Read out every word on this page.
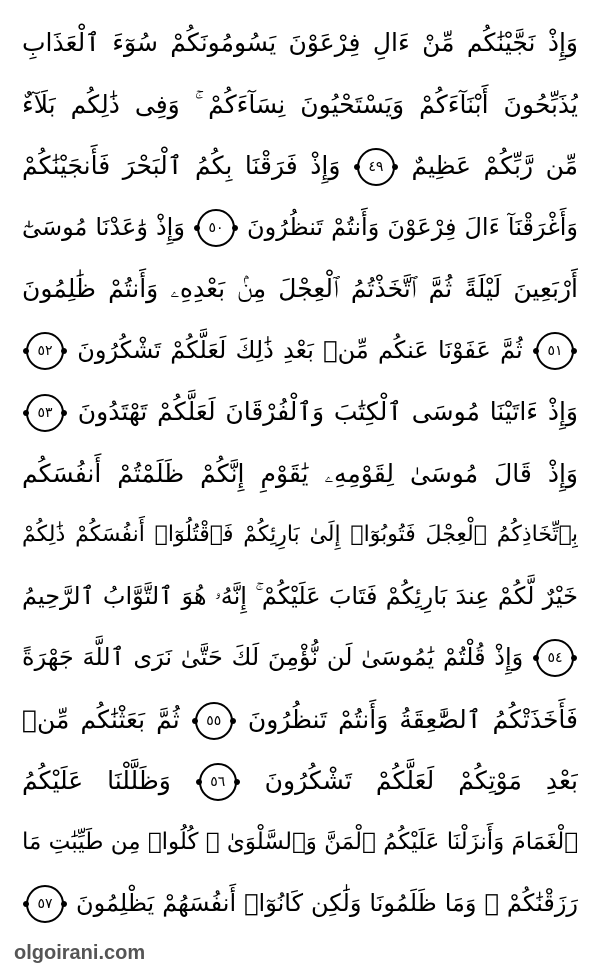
وَإِذْ نَجَّيْنَٰكُم مِّنْ ءَالِ فِرْعَوْنَ يَسُومُونَكُمْ سُوٓءَ ٱلْعَذَابِ
يُذَبِّحُونَ أَبْنَآءَكُمْ وَيَسْتَحْيُونَ نِسَآءَكُمْ ۚ وَفِى ذَٰلِكُم بَلَآءٌ
مِّن رَّبِّكُمْ عَظِيمٌ ٤٩ وَإِذْ فَرَقْنَا بِكُمُ ٱلْبَحْرَ فَأَنجَيْنَٰكُمْ
وَأَغْرَقْنَآ ءَالَ فِرْعَوْنَ وَأَنتُمْ تَنظُرُونَ ٥٠ وَإِذْ وَٰعَدْنَا مُوسَىٰٓ
أَرْبَعِينَ لَيْلَةً ثُمَّ ٱتَّخَذْتُمُ ٱلْعِجْلَ مِنۢ بَعْدِهِۦ وَأَنتُمْ ظَٰلِمُونَ
٥١ ثُمَّ عَفَوْنَا عَنكُم مِّنۢ بَعْدِ ذَٰلِكَ لَعَلَّكُمْ تَشْكُرُونَ ٥٢
وَإِذْ ءَاتَيْنَا مُوسَى ٱلْكِتَٰبَ وَٱلْفُرْقَانَ لَعَلَّكُمْ تَهْتَدُونَ ٥٣
وَإِذْ قَالَ مُوسَىٰ لِقَوْمِهِۦ يَٰقَوْمِ إِنَّكُمْ ظَلَمْتُمْ أَنفُسَكُم
بِٱتِّخَاذِكُمُ ٱلْعِجْلَ فَتُوبُوٓا۟ إِلَىٰ بَارِئِكُمْ فَٱقْتُلُوٓا۟ أَنفُسَكُمْ ذَٰلِكُمْ
خَيْرٌ لَّكُمْ عِندَ بَارِئِكُمْ فَتَابَ عَلَيْكُمْ ۚ إِنَّهُۥ هُوَ ٱلتَّوَّابُ ٱلرَّحِيمُ
٥٤ وَإِذْ قُلْتُمْ يَٰمُوسَىٰ لَن نُّؤْمِنَ لَكَ حَتَّىٰ نَرَى ٱللَّهَ جَهْرَةً
فَأَخَذَتْكُمُ ٱلصَّٰعِقَةُ وَأَنتُمْ تَنظُرُونَ ٥٥ ثُمَّ بَعَثْنَٰكُم مِّنۢ
بَعْدِ مَوْتِكُمْ لَعَلَّكُمْ تَشْكُرُونَ ٥٦ وَظَلَّلْنَا عَلَيْكُمُ
ٱلْغَمَامَ وَأَنزَلْنَا عَلَيْكُمُ ٱلْمَنَّ وَٱلسَّلْوَىٰ ۖ كُلُوا۟ مِن طَيِّبَٰتِ مَا
رَزَقْنَٰكُمْ ۖ وَمَا ظَلَمُونَا وَلَٰكِن كَانُوٓا۟ أَنفُسَهُمْ يَظْلِمُونَ ٥٧
olgoirani.com
